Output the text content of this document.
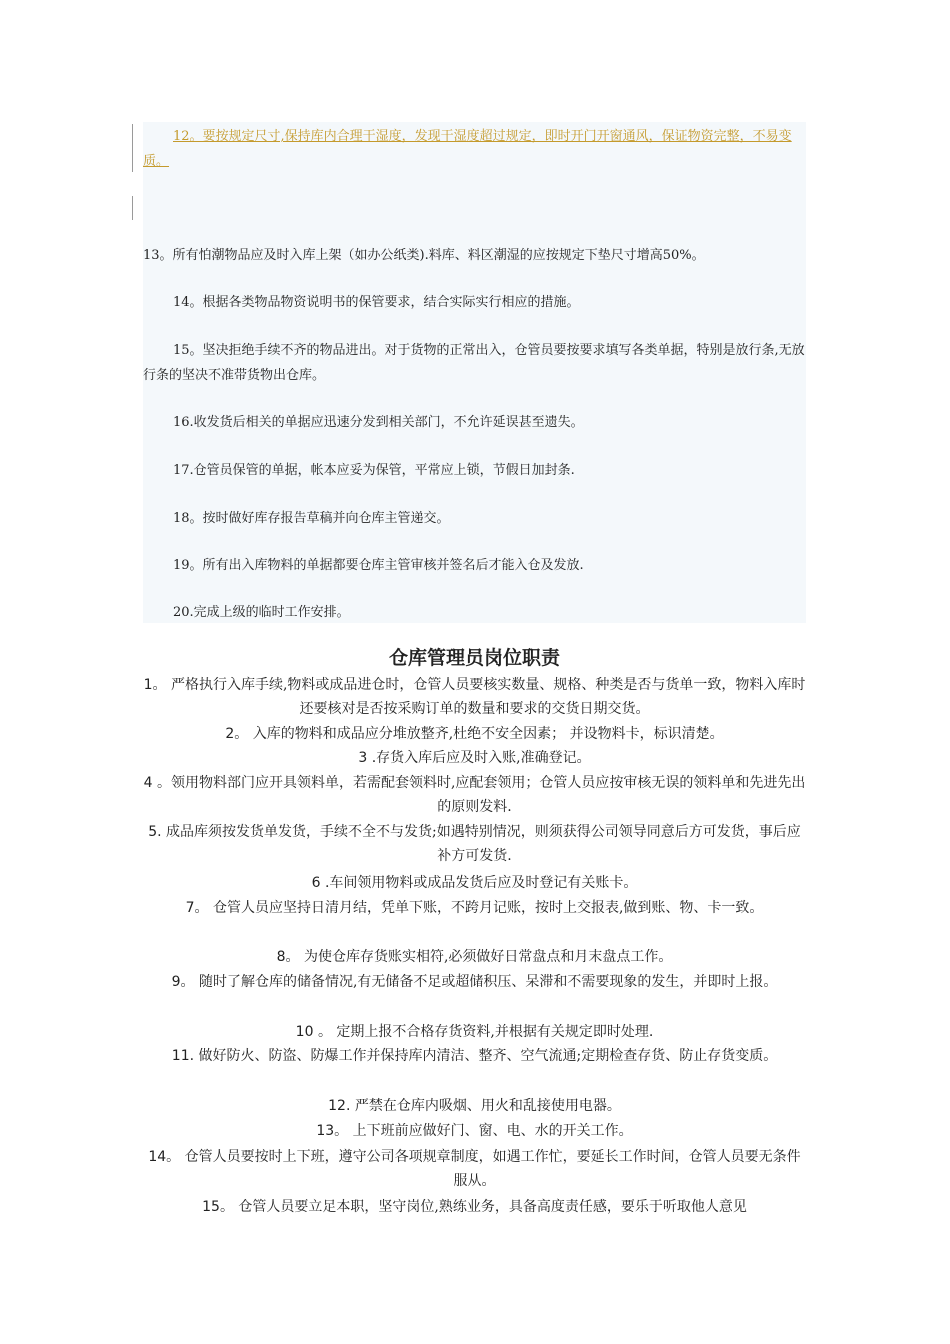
12。要按规定尺寸,保持库内合理干湿度，发现干湿度超过规定，即时开门开窗通风，保证物资完整，不易变质。

13。所有怕潮物品应及时入库上架（如办公纸类).料库、料区潮湿的应按规定下垫尺寸增高50%。

14。根据各类物品物资说明书的保管要求，结合实际实行相应的措施。

15。坚决拒绝手续不齐的物品进出。对于货物的正常出入，仓管员要按要求填写各类单据，特别是放行条,无放行条的坚决不准带货物出仓库。

16.收发货后相关的单据应迅速分发到相关部门，不允许延误甚至遗失。

17.仓管员保管的单据，帐本应妥为保管，平常应上锁，节假日加封条.

18。按时做好库存报告草稿并向仓库主管递交。

19。所有出入库物料的单据都要仓库主管审核并签名后才能入仓及发放.

20.完成上级的临时工作安排。

仓库管理员岗位职责

1。 严格执行入库手续,物料或成品进仓时，仓管人员要核实数量、规格、种类是否与货单一致，物料入库时还要核对是否按采购订单的数量和要求的交货日期交货。

2。 入库的物料和成品应分堆放整齐,杜绝不安全因素； 并设物料卡，标识清楚。

3 .存货入库后应及时入账,准确登记。

4 。领用物料部门应开具领料单，若需配套领料时,应配套领用；仓管人员应按审核无误的领料单和先进先出的原则发料.

5. 成品库须按发货单发货，手续不全不与发货;如遇特别情况，则须获得公司领导同意后方可发货，事后应补方可发货.

6 .车间领用物料或成品发货后应及时登记有关账卡。

7。 仓管人员应坚持日清月结，凭单下账，不跨月记账，按时上交报表,做到账、物、卡一致。

8。 为使仓库存货账实相符,必须做好日常盘点和月末盘点工作。

9。 随时了解仓库的储备情况,有无储备不足或超储积压、呆滞和不需要现象的发生，并即时上报。

10 。 定期上报不合格存货资料,并根据有关规定即时处理.

11. 做好防火、防盗、防爆工作并保持库内清洁、整齐、空气流通;定期检查存货、防止存货变质。

12. 严禁在仓库内吸烟、用火和乱接使用电器。

13。 上下班前应做好门、窗、电、水的开关工作。

14。 仓管人员要按时上下班，遵守公司各项规章制度，如遇工作忙，要延长工作时间，仓管人员要无条件服从。

15。 仓管人员要立足本职，坚守岗位,熟练业务，具备高度责任感，要乐于听取他人意见
